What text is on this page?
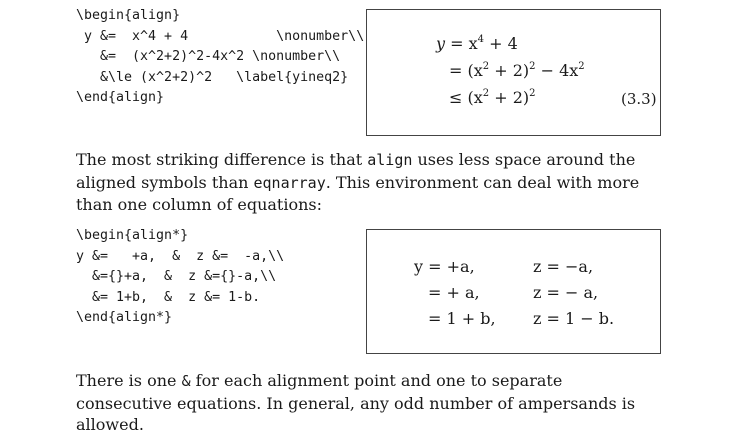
\begin{align}
y &=  x^4 + 4           \nonumber\\
&=  (x^2+2)^2-4x^2 \nonumber\\
&\le (x^2+2)^2   \label{yineq2}
\end{align}
$y = x^4 + 4$
= $(x^2 + 2)^2 - 4x^2$
≤ $(x^2 + 2)^2$	(3.3)

The most striking difference is that align uses less space around the aligned symbols than eqnarray. This environment can deal with more than one column of equations:

\begin{align*}
y &=   +a,  &  z &=  -a,\\
&={}+a,  &  z &={}-a,\\
&= 1+b,  &  z &= 1-b.
\end{align*}
y = +a,	z = −a,
= + a,	z = − a,
= 1 + b, z = 1 − b.

There is one & for each alignment point and one to separate consecutive equations. In general, any odd number of ampersands is allowed.
